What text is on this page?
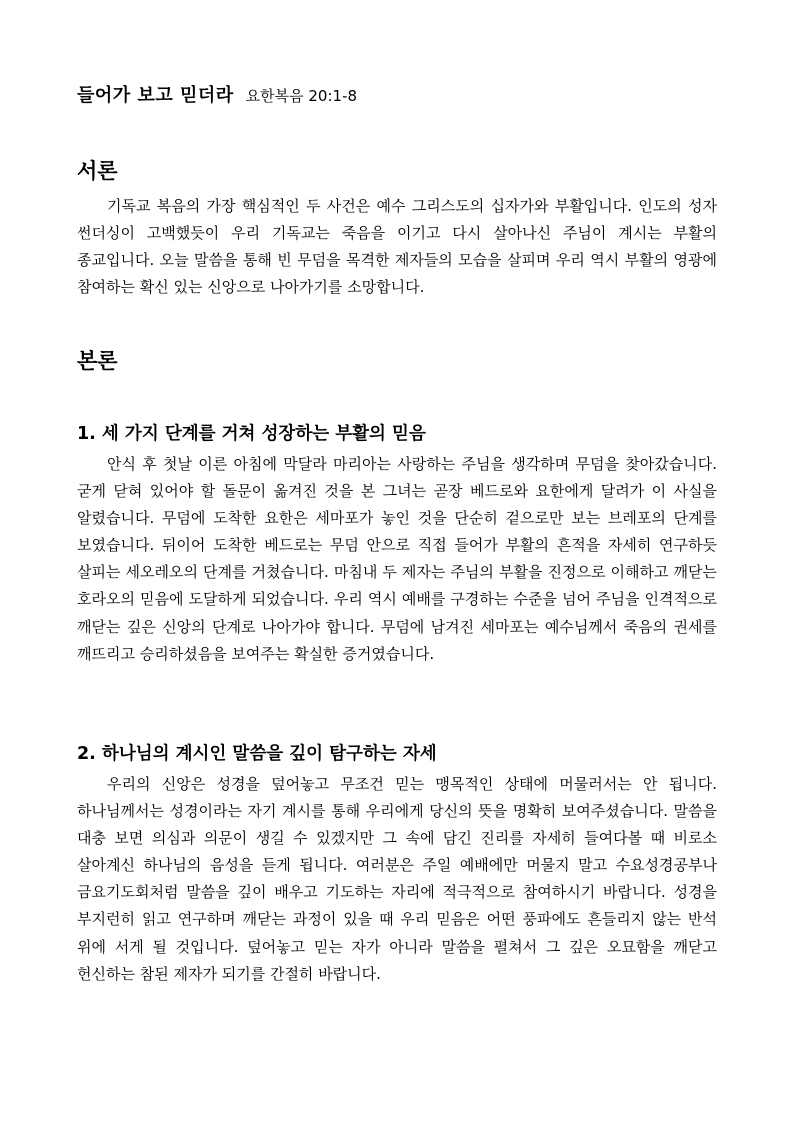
들어가 보고 믿더라 요한복음 20:1-8
서론

기독교 복음의 가장 핵심적인 두 사건은 예수 그리스도의 십자가와 부활입니다. 인도의 성자 썬더싱이 고백했듯이 우리 기독교는 죽음을 이기고 다시 살아나신 주님이 계시는 부활의 종교입니다. 오늘 말씀을 통해 빈 무덤을 목격한 제자들의 모습을 살피며 우리 역시 부활의 영광에 참여하는 확신 있는 신앙으로 나아가기를 소망합니다.

본론
1. 세 가지 단계를 거쳐 성장하는 부활의 믿음

안식 후 첫날 이른 아침에 막달라 마리아는 사랑하는 주님을 생각하며 무덤을 찾아갔습니다. 굳게 닫혀 있어야 할 돌문이 옮겨진 것을 본 그녀는 곧장 베드로와 요한에게 달려가 이 사실을 알렸습니다. 무덤에 도착한 요한은 세마포가 놓인 것을 단순히 겉으로만 보는 브레포의 단계를 보였습니다. 뒤이어 도착한 베드로는 무덤 안으로 직접 들어가 부활의 흔적을 자세히 연구하듯 살피는 세오레오의 단계를 거쳤습니다. 마침내 두 제자는 주님의 부활을 진정으로 이해하고 깨닫는 호라오의 믿음에 도달하게 되었습니다. 우리 역시 예배를 구경하는 수준을 넘어 주님을 인격적으로 깨닫는 깊은 신앙의 단계로 나아가야 합니다. 무덤에 남겨진 세마포는 예수님께서 죽음의 권세를 깨뜨리고 승리하셨음을 보여주는 확실한 증거였습니다.

2. 하나님의 계시인 말씀을 깊이 탐구하는 자세

우리의 신앙은 성경을 덮어놓고 무조건 믿는 맹목적인 상태에 머물러서는 안 됩니다. 하나님께서는 성경이라는 자기 계시를 통해 우리에게 당신의 뜻을 명확히 보여주셨습니다. 말씀을 대충 보면 의심과 의문이 생길 수 있겠지만 그 속에 담긴 진리를 자세히 들여다볼 때 비로소 살아계신 하나님의 음성을 듣게 됩니다. 여러분은 주일 예배에만 머물지 말고 수요성경공부나 금요기도회처럼 말씀을 깊이 배우고 기도하는 자리에 적극적으로 참여하시기 바랍니다. 성경을 부지런히 읽고 연구하며 깨닫는 과정이 있을 때 우리 믿음은 어떤 풍파에도 흔들리지 않는 반석 위에 서게 될 것입니다. 덮어놓고 믿는 자가 아니라 말씀을 펼쳐서 그 깊은 오묘함을 깨닫고 헌신하는 참된 제자가 되기를 간절히 바랍니다.
